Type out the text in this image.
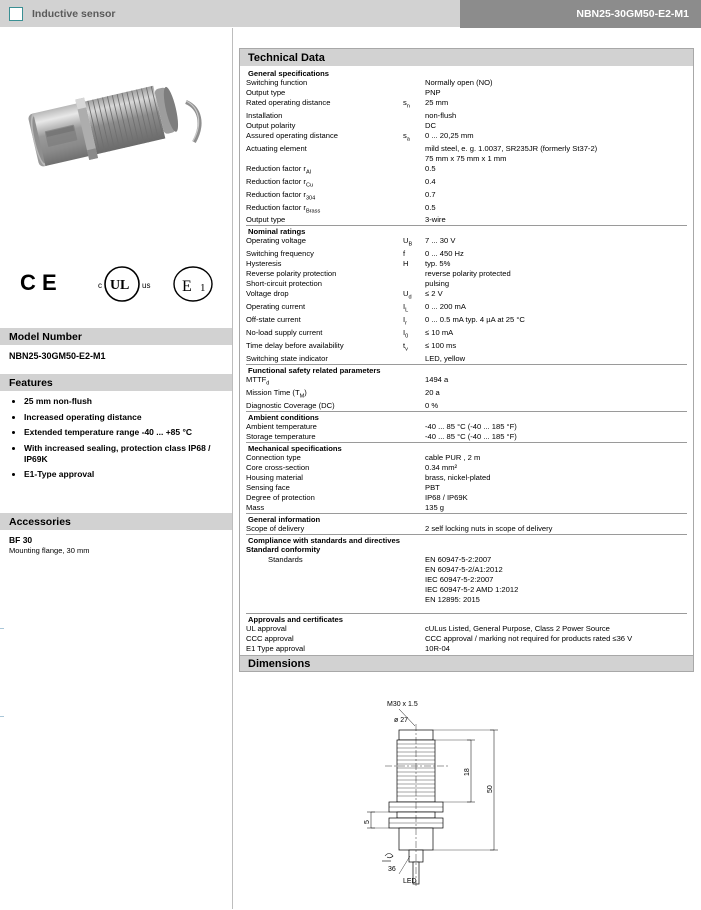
Inductive sensor	NBN25-30GM50-E2-M1
C E	U L
c	us E 1
Model Number
NBN25-30GM50-E2-M1
Features
• 25 mm non-flush
• Increased operating distance
• Extended temperature range -40 ... +85 °C
• With increased sealing, protection class IP68 / IP69K
• E1-Type approval
Accessories
BF 30
Mounting flange, 30 mm
Technical Data
General specifications
Switching function		Normally open (NO)
Output type		PNP
Rated operating distance	$s_n$	25 mm
Installation		non-flush
Output polarity		DC
Assured operating distance	$s_a$	0 ... 20,25 mm
Actuating element		mild steel, e. g. 1.0037, SR235JR (formerly St37-2)
		75 mm x 75 mm x 1 mm
Reduction factor $r_{Al}$		0.5
Reduction factor $r_{Cu}$		0.4
Reduction factor $r_{304}$		0.7
Reduction factor $r_{Brass}$		0.5
Output type		3-wire
Nominal ratings
Operating voltage	$U_B$	7 ... 30 V
Switching frequency	f	0 ... 450 Hz
Hysteresis	H	typ. 5%
Reverse polarity protection		reverse polarity protected
Short-circuit protection		pulsing
Voltage drop	$U_d$	≤ 2 V
Operating current	$I_L$	0 ... 200 mA
Off-state current	$I_r$	0 ... 0.5 mA typ. 4 µA at 25 °C
No-load supply current	$I_0$	≤ 10 mA
Time delay before availability	$t_v$	≤ 100 ms
Switching state indicator		LED, yellow
Functional safety related parameters
$MTTF_d$		1494 a
Mission Time $(T_M)$		20 a
Diagnostic Coverage (DC)		0 %
Ambient conditions
Ambient temperature		-40 ... 85 °C (-40 ... 185 °F)
Storage temperature		-40 ... 85 °C (-40 ... 185 °F)
Mechanical specifications
Connection type		cable PUR , 2 m
Core cross-section		0.34 mm²
Housing material		brass, nickel-plated
Sensing face		PBT
Degree of protection		IP68 / IP69K
Mass		135 g
General information
Scope of delivery		2 self locking nuts in scope of delivery
Compliance with standards and directives
Standard conformity		
Standards		EN 60947-5-2:2007
		EN 60947-5-2/A1:2012
		IEC 60947-5-2:2007
		IEC 60947-5-2 AMD 1:2012
		EN 12895: 2015
Approvals and certificates
UL approval		cULus Listed, General Purpose, Class 2 Power Source
CCC approval		CCC approval / marking not required for products rated ≤36 V
E1 Type approval		10R-04
Dimensions
M30 x 1.5
ø 27
18
50
5
36
LED
